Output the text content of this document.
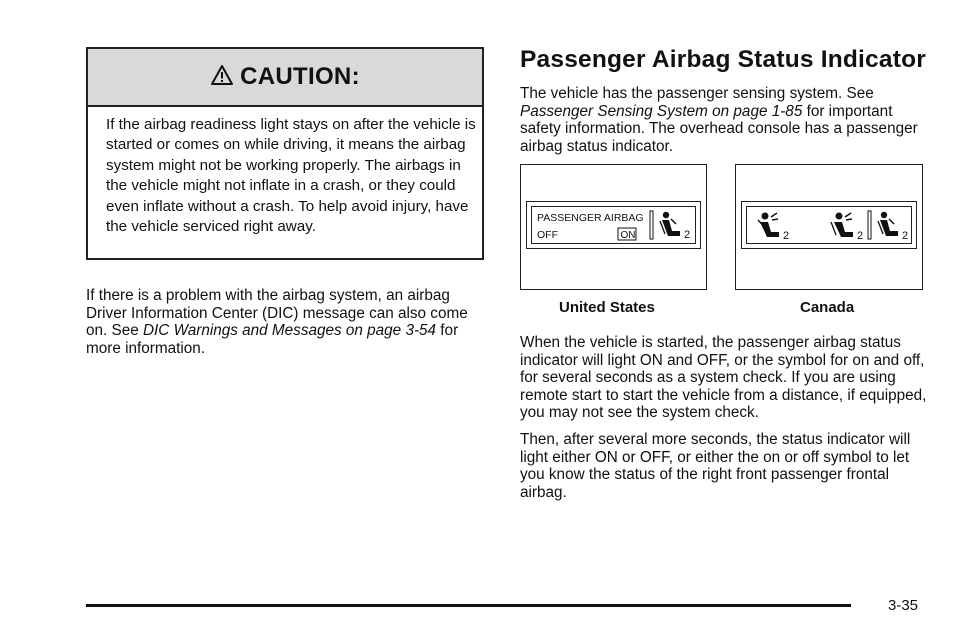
CAUTION:
If the airbag readiness light stays on after the vehicle is started or comes on while driving, it means the airbag system might not be working properly. The airbags in the vehicle might not inflate in a crash, or they could even inflate without a crash. To help avoid injury, have the vehicle serviced right away.
If there is a problem with the airbag system, an airbag Driver Information Center (DIC) message can also come on. See DIC Warnings and Messages on page 3-54 for more information.
Passenger Airbag Status Indicator
The vehicle has the passenger sensing system. See Passenger Sensing System on page 1-85 for important safety information. The overhead console has a passenger airbag status indicator.
PASSENGER AIRBAG
OFF	ON	2
United States
2	2	2
Canada
When the vehicle is started, the passenger airbag status indicator will light ON and OFF, or the symbol for on and off, for several seconds as a system check. If you are using remote start to start the vehicle from a distance, if equipped, you may not see the system check.
Then, after several more seconds, the status indicator will light either ON or OFF, or either the on or off symbol to let you know the status of the right front passenger frontal airbag.
3-35
